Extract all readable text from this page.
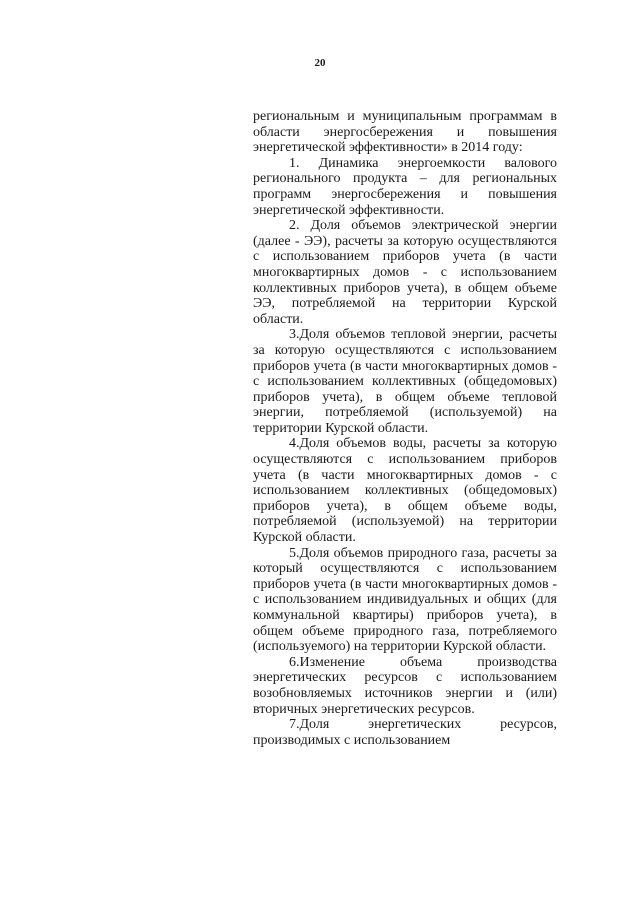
20

региональным и муниципальным программам в области энергосбережения и повышения энергетической эффективности» в 2014 году:

1. Динамика энергоемкости валового регионального продукта – для региональных программ энергосбережения и повышения энергетической эффективности.

2. Доля объемов электрической энергии (далее - ЭЭ), расчеты за которую осуществляются с использованием приборов учета (в части многоквартирных домов - с использованием коллективных приборов учета), в общем объеме ЭЭ, потребляемой на территории Курской области.

3.Доля объемов тепловой энергии, расчеты за которую осуществляются с использованием приборов учета (в части многоквартирных домов - с использованием коллективных (общедомовых) приборов учета), в общем объеме тепловой энергии, потребляемой (используемой) на территории Курской области.

4.Доля объемов воды, расчеты за которую осуществляются с использованием приборов учета (в части многоквартирных домов - с использованием коллективных (общедомовых) приборов учета), в общем объеме воды, потребляемой (используемой) на территории Курской области.

5.Доля объемов природного газа, расчеты за который осуществляются с использованием приборов учета (в части многоквартирных домов - с использованием индивидуальных и общих (для коммунальной квартиры) приборов учета), в общем объеме природного газа, потребляемого (используемого) на территории Курской области.

6.Изменение объема производства энергетических ресурсов с использованием возобновляемых источников энергии и (или) вторичных энергетических ресурсов.

7.Доля энергетических ресурсов, производимых с использованием
